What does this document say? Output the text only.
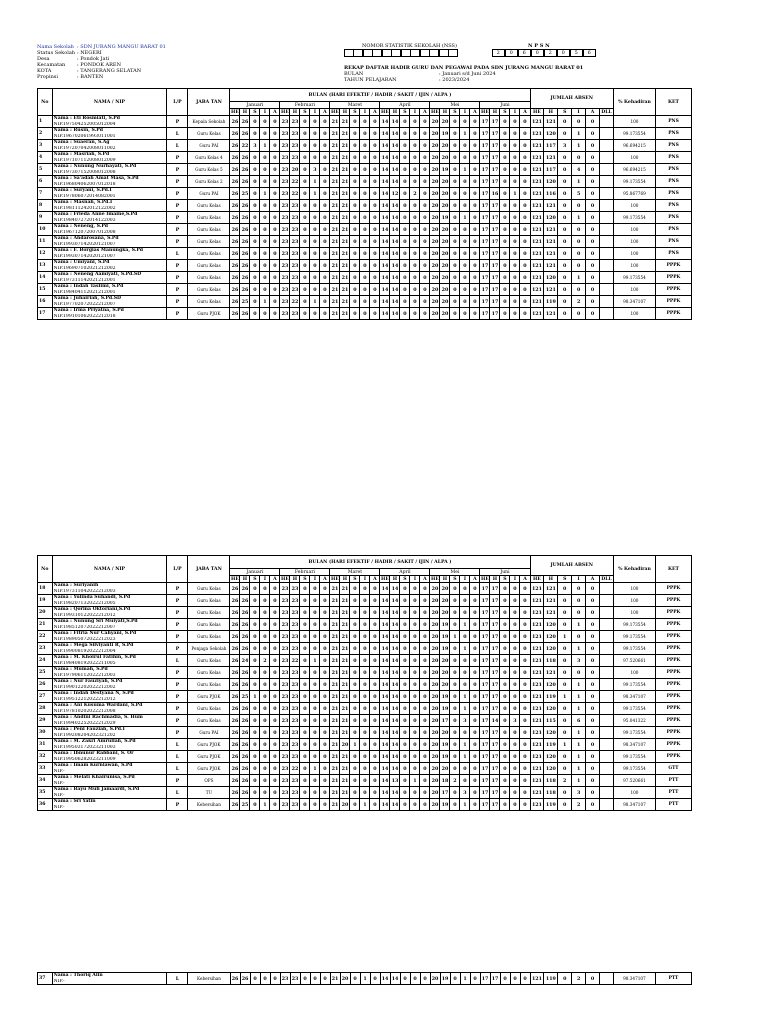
Nama Sekolah : SDN JURANG MANGU BARAT 01
Status Sekolah : NEGERI
Desa	: Pondok Jati
Kecamatan	: PONDOK AREN
KOTA	: TANGERANG SELATAN
Propinsi	: BANTEN
NOMOR STATISTIK SEKOLAH (NSS)	N P S N
2	0	6	0	2	0	5	6
REKAP DAFTAR HADIR GURU DAN PEGAWAI PADA SDN JURANG MANGU BARAT 01
BULAN	: Januari s/d Juni 2024
TAHUN PELAJARAN	: 2023/2024
No	NAMA / NIP	L/P	JABA TAN	BULAN (HARI EFEKTIF / HADIR / SAKIT / IJIN / ALPA )																														JUMLAH ABSEN						% Kehadiran	KET
				Januari					Februari					Maret					April					Mei					Juni												
				HE	H	S	I	A	HE	H	S	I	A	HE	H	S	I	A	HE	H	S	I	A	HE	H	S	I	A	HE	H	S	I	A	HE	H	S	I	A	DLL		
1	Nama : Eti Rosmiati, S.Pd
NIP.197504252005012004	P	Kepala Sekolah	26	26	0	0	0	23	23	0	0	0	21	21	0	0	0	14	14	0	0	0	20	20	0	0	0	17	17	0	0	0	121	121	0	0	0		100	PNS
2	Nama : Rusin, S.Pd
NIP.196702061993011001	L	Guru Kelas	26	26	0	0	0	23	23	0	0	0	21	21	0	0	0	14	14	0	0	0	20	19	0	1	0	17	17	0	0	0	121	120	0	1	0		99.173554	PNS
3	Nama : Suaeran, S.Ag
NIP.197207042008011002	L	Guru PAI	26	22	3	1	0	23	23	0	0	0	21	21	0	0	0	14	14	0	0	0	20	20	0	0	0	17	17	0	0	0	121	117	3	1	0		96.694215	PNS
4	Nama : Masriah, S.Pd
NIP.197107112008012009	P	Guru Kelas 4	26	26	0	0	0	23	23	0	0	0	21	21	0	0	0	14	14	0	0	0	20	20	0	0	0	17	17	0	0	0	121	121	0	0	0		100	PNS
5	Nama : Nunung Nurhayati, S.Pd
NIP.197307152008012008	P	Guru Kelas 5	26	26	0	0	0	23	20	0	3	0	21	21	0	0	0	14	14	0	0	0	20	19	0	1	0	17	17	0	0	0	121	117	0	4	0		96.694215	PNS
6	Nama : Sa'adah Amat Masa, S.Pd
NIP.196804062007012018	P	Guru Kelas 2	26	26	0	0	0	23	22	0	1	0	21	21	0	0	0	14	14	0	0	0	20	20	0	0	0	17	17	0	0	0	121	120	0	1	0		99.173554	PNS
7	Nama : Suryani, S.Pd.I
NIP.197806072014082001	P	Guru PAI	26	25	0	1	0	23	22	0	1	0	21	21	0	0	0	14	12	0	2	0	20	20	0	0	0	17	16	0	1	0	121	116	0	5	0		95.867769	PNS
8	Nama : Masnah, S.Pd.I
NIP.198111242012122002	P	Guru Kelas	26	26	0	0	0	23	23	0	0	0	21	21	0	0	0	14	14	0	0	0	20	20	0	0	0	17	17	0	0	0	121	121	0	0	0		100	PNS
9	Nama : Frieda Anne Imaine,S.Pd
NIP.198407272014122003	P	Guru Kelas	26	26	0	0	0	23	23	0	0	0	21	21	0	0	0	14	14	0	0	0	20	19	0	1	0	17	17	0	0	0	121	120	0	1	0		99.173554	PNS
10	Nama : Neneng, S.Pd
NIP.196712072007012008	P	Guru Kelas	26	26	0	0	0	23	23	0	0	0	21	21	0	0	0	14	14	0	0	0	20	20	0	0	0	17	17	0	0	0	121	121	0	0	0		100	PNS
11	Nama : Ahdarosana, S.Pd
NIP.199307142020121007	P	Guru Kelas	26	26	0	0	0	23	23	0	0	0	21	21	0	0	0	14	14	0	0	0	20	20	0	0	0	17	17	0	0	0	121	121	0	0	0		100	PNS
12	Nama : F. Borgias Manungka, S.Pd
NIP.199307142020121007	L	Guru Kelas	26	26	0	0	0	23	23	0	0	0	21	21	0	0	0	14	14	0	0	0	20	20	0	0	0	17	17	0	0	0	121	121	0	0	0		100	PNS
13	Nama : Umiyani, S.Pd
NIP.196907102021212002	P	Guru Kelas	26	26	0	0	0	23	23	0	0	0	21	21	0	0	0	14	14	0	0	0	20	20	0	0	0	17	17	0	0	0	121	121	0	0	0		100	PPPK
14	Nama : Neneng Aamiyati, S.Pd.SD
NIP.197311142021212001	P	Guru Kelas	26	26	0	0	0	23	23	0	0	0	21	21	0	0	0	14	14	0	0	0	20	20	0	0	0	17	17	0	0	0	121	120	0	1	0		99.173554	PPPK
15	Nama : Indah Taslimi, S.Pd
NIP.198404112021212001	P	Guru Kelas	26	26	0	0	0	23	23	0	0	0	21	21	0	0	0	14	14	0	0	0	20	20	0	0	0	17	17	0	0	0	121	121	0	0	0		100	PPPK
16	Nama : Juhairiah, S.Pd.SD
NIP.197702072022212007	P	Guru Kelas	26	25	0	1	0	23	22	0	1	0	21	21	0	0	0	14	14	0	0	0	20	20	0	0	0	17	17	0	0	0	121	119	0	2	0		98.347107	PPPK
17	Nama : Irma Priyatna, S.Pd
NIP.199101062022212018	P	Guru PJOK	26	26	0	0	0	23	23	0	0	0	21	21	0	0	0	14	14	0	0	0	20	20	0	0	0	17	17	0	0	0	121	121	0	0	0		100	PPPK
No	NAMA / NIP	L/P	JABA TAN	BULAN (HARI EFEKTIF / HADIR / SAKIT / IJIN / ALPA )																														JUMLAH ABSEN						% Kehadiran	KET
				Januari					Februari					Maret					April					Mei					Juni												
				HE	H	S	I	A	HE	H	S	I	A	HE	H	S	I	A	HE	H	S	I	A	HE	H	S	I	A	HE	H	S	I	A	HE	H	S	I	A	DLL		
18	Nama : Suriyanih
NIP.197311042022212003	P	Guru Kelas	26	26	0	0	0	23	23	0	0	0	21	21	0	0	0	14	14	0	0	0	20	20	0	0	0	17	17	0	0	0	121	121	0	0	0		100	PPPK
19	Nama : Yulinda Suhandi, S.Pd
NIP.198207132022212005	P	Guru Kelas	26	26	0	0	0	23	23	0	0	0	21	21	0	0	0	14	14	0	0	0	20	20	0	0	0	17	17	0	0	0	121	121	0	0	0		100	PPPK
20	Nama : Qorina Oktoriani,S.Pd
NIP.199310122022212012	P	Guru Kelas	26	26	0	0	0	23	23	0	0	0	21	21	0	0	0	14	14	0	0	0	20	20	0	0	0	17	17	0	0	0	121	121	0	0	0		100	PPPK
21	Nama : Nunung Sri Mulyati,S.Pd
NIP.198512072022212007	P	Guru Kelas	26	26	0	0	0	23	23	0	0	0	21	21	0	0	0	14	14	0	0	0	20	19	0	1	0	17	17	0	0	0	121	120	0	1	0		99.173554	PPPK
22	Nama : Fitria Nur Cahyani, S.Pd
NIP.198905072022212023	P	Guru Kelas	26	26	0	0	0	23	23	0	0	0	21	21	0	0	0	14	14	0	0	0	20	19	1	0	0	17	17	0	0	0	121	120	1	0	0		99.173554	PPPK
23	Nama : Mega Silviyanti R, S.Pd
NIP.199008192022212004	P	Penjaga Sekolah	26	26	0	0	0	23	23	0	0	0	21	21	0	0	0	14	14	0	0	0	20	19	0	1	0	17	17	0	0	0	121	120	0	1	0		99.173554	PPPK
24	Nama : M. Khoirul Fatihin, S.Pd
NIP.198408192022211005	L	Guru Kelas	26	24	0	2	0	23	22	0	1	0	21	21	0	0	0	14	14	0	0	0	20	20	0	0	0	17	17	0	0	0	121	118	0	3	0		97.520661	PPPK
25	Nama : Mumah, S.Pd
NIP.197906112022212003	P	Guru Kelas	26	26	0	0	0	23	23	0	0	0	21	21	0	0	0	14	14	0	0	0	20	20	0	0	0	17	17	0	0	0	121	121	0	0	0		100	PPPK
26	Nama : Nur Fauziyah, S.Pd
NIP.199012202022212002	P	Guru Kelas	26	26	0	0	0	23	23	0	0	0	21	21	0	0	0	14	14	0	0	0	20	20	0	0	0	17	17	0	0	0	121	120	0	1	0		99.173554	PPPK
27	Nama : Indah Destyana N, S.Pd
NIP.199512212022212012	P	Guru PJOK	26	25	1	0	0	23	23	0	0	0	21	21	0	0	0	14	14	0	0	0	20	19	0	1	0	17	17	0	0	0	121	119	1	1	0		98.347107	PPPK
28	Nama : Ani Kusuma Wardani, S.Pd
NIP.197810202022212008	P	Guru Kelas	26	26	0	0	0	23	23	0	0	0	21	21	0	0	0	14	14	0	0	0	20	19	0	1	0	17	17	0	0	0	121	120	0	1	0		99.173554	PPPK
29	Nama : Andini Rachmadia, S. Hum
NIP.199402252022212029	P	Guru Kelas	26	26	0	0	0	23	23	0	0	0	21	21	0	0	0	14	14	0	0	0	20	17	0	3	0	17	14	0	3	0	121	115	0	6	0		95.041322	PPPK
30	Nama : Peni Fauziah, S.Pd.I
NIP.199208204202321202	P	Guru PAI	26	26	0	0	0	23	23	0	0	0	21	21	0	0	0	14	14	0	0	0	20	20	0	0	0	17	17	0	0	0	121	120	0	1	0		99.173554	PPPK
31	Nama : M. Zakri Amrullah, S.Pd
NIP.199503172023211003	L	Guru PJOK	26	26	0	0	0	23	23	0	0	0	21	20	1	0	0	14	14	0	0	0	20	19	0	1	0	17	17	0	0	0	121	119	1	1	0		98.347107	PPPK
32	Nama : Ibnunur Rabbani, S. Or
NIP.199506282023211009	L	Guru PJOK	26	26	0	0	0	23	23	0	0	0	21	21	0	0	0	14	14	0	0	0	20	19	0	1	0	17	17	0	0	0	121	120	0	1	0		99.173554	PPPK
33	Nama : Imam Kurniawan, S.Pd
NIP.-	L	Guru PJOK	26	26	0	0	0	23	22	0	1	0	21	21	0	0	0	14	14	0	0	0	20	20	0	0	0	17	17	0	0	0	121	120	0	1	0		99.173554	GTT
34	Nama : Melati Khairunisa, S.Pd
NIP.-	P	OPS	26	26	0	0	0	23	23	0	0	0	21	21	0	0	0	14	13	0	1	0	20	18	2	0	0	17	17	0	0	0	121	118	2	1	0		97.520661	PTT
35	Nama : Bayu Mufi Jamaardi, S.Pd
NIP.-	L	TU	26	26	0	0	0	23	23	0	0	0	21	21	0	0	0	14	14	0	0	0	20	17	0	3	0	17	17	0	0	0	121	118	0	3	0		100	PTT
36	Nama : Sri Yatin
NIP.-	P	Kebersihan	26	25	0	1	0	23	23	0	0	0	21	20	0	1	0	14	14	0	0	0	20	19	0	1	0	17	17	0	0	0	121	119	0	2	0		98.347107	PTT
37	
Nama : Thoriq Alin
NIP.-	L	Kebersihan	26	26	0	0	0	23	23	0	0	0	21	20	0	1	0	14	14	0	0	0	20	19	0	1	0	17	17	0	0	0	121	119	0	2	0		98.347107	PTT
